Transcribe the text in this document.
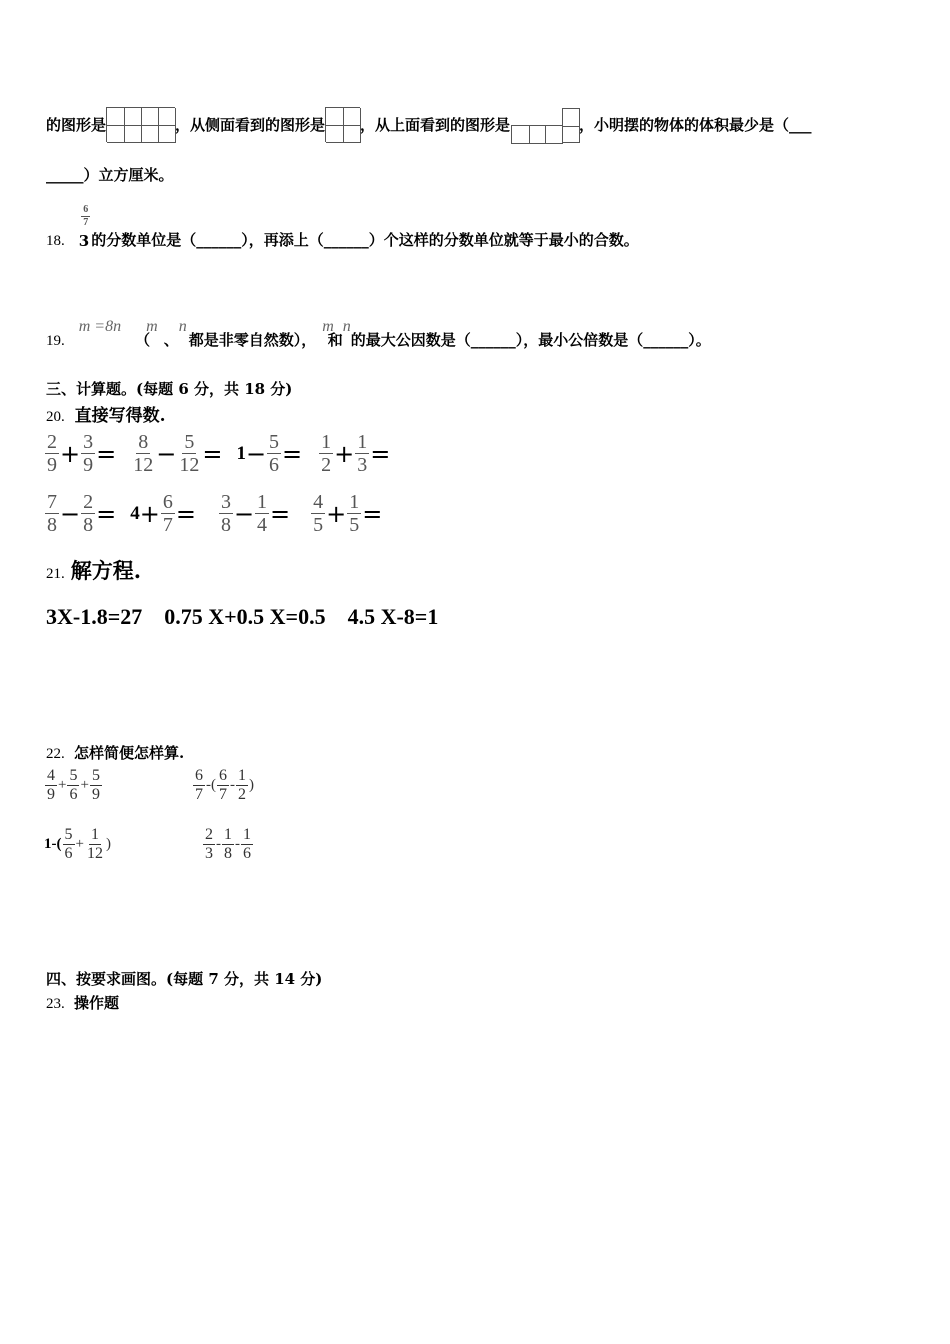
的图形是	，从侧面看到的图形是 ，从上面看到的图形是	，小明摆的物体的体积最少是（___
_____）立方厘米。
18. 3
$\frac{6}{7}$
的分数单位是（______），再添上（______）个这样的分数单位就等于最小的合数。
19.
m =8n
（
m
、
n
都是非零自然数），
m
和
n
的最大公因数是（______），最小公倍数是（______）。
三、计算题。(每题 6 分，共 18 分)
20. 直接写得数.
$\frac{2}{9} + \frac{3}{9} = \frac{8}{12} - \frac{5}{12} = 1 - \frac{5}{6} = \frac{1}{2} + \frac{1}{3}$ =
$\frac{7}{8} - \frac{2}{8} = 4 + \frac{6}{7} = \frac{3}{8} - \frac{1}{4} = \frac{4}{5} + \frac{1}{5}$ =
21. 解方程.
3X-1.8=27    0.75 X+0.5 X=0.5    4.5 X-8=1
22. 怎样简便怎样算.
$\frac{4}{9} + \frac{5}{6} + \frac{5}{9}$	$\frac{6}{7}$ -( $\frac{6}{7} - \frac{1}{2}$ )
$1-( \frac{5}{6} + \frac{1}{12}$ )	$\frac{2}{3} - \frac{1}{8} - \frac{1}{6}$
四、按要求画图。(每题 7 分，共 14 分)
23. 操作题
